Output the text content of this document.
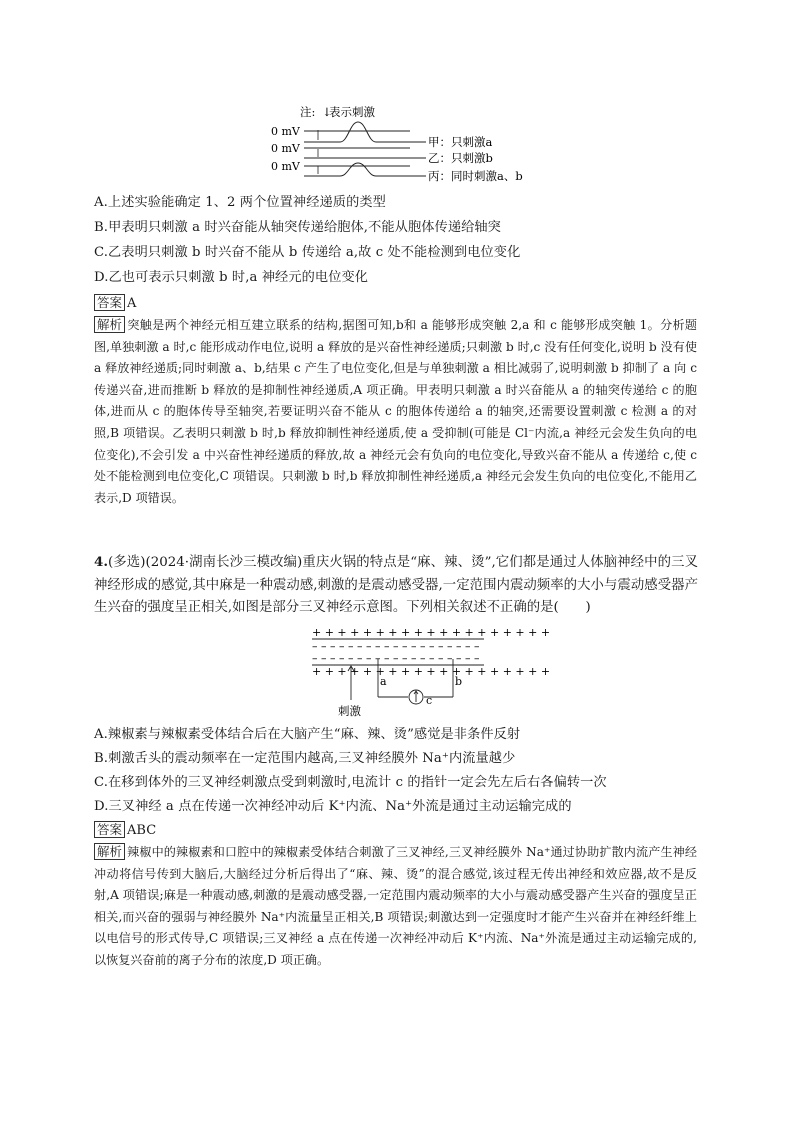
注: ↓
表示刺激
0 mV
0 mV
0 mV
甲：只刺激a
乙：只刺激b
丙：同时刺激a、b
A.上述实验能确定 1、2 两个位置神经递质的类型
B.甲表明只刺激 a 时兴奋能从轴突传递给胞体,不能从胞体传递给轴突
C.乙表明只刺激 b 时兴奋不能从 b 传递给 a,故 c 处不能检测到电位变化
D.乙也可表示只刺激 b 时,a 神经元的电位变化
答案 A
解析 突触是两个神经元相互建立联系的结构,据图可知,b和 a 能够形成突触 2,a 和 c 能够形成突触 1。分析题图,单独刺激 a 时,c 能形成动作电位,说明 a 释放的是兴奋性神经递质;只刺激 b 时,c 没有任何变化,说明 b 没有使 a 释放神经递质;同时刺激 a、b,结果 c 产生了电位变化,但是与单独刺激 a 相比减弱了,说明刺激 b 抑制了 a 向 c 传递兴奋,进而推断 b 释放的是抑制性神经递质,A 项正确。甲表明只刺激 a 时兴奋能从 a 的轴突传递给 c 的胞体,进而从 c 的胞体传导至轴突,若要证明兴奋不能从 c 的胞体传递给 a 的轴突,还需要设置刺激 c 检测 a 的对照,B 项错误。乙表明只刺激 b 时,b 释放抑制性神经递质,使 a 受抑制(可能是 Cl⁻内流,a 神经元会发生负向的电位变化),不会引发 a 中兴奋性神经递质的释放,故 a 神经元会有负向的电位变化,导致兴奋不能从 a 传递给 c,使 c 处不能检测到电位变化,C 项错误。只刺激 b 时,b 释放抑制性神经递质,a 神经元会发生负向的电位变化,不能用乙表示,D 项错误。
4.(多选)(2024·湖南长沙三模改编)重庆火锅的特点是“麻、辣、烫”,它们都是通过人体脑神经中的三叉神经形成的感觉,其中麻是一种震动感,刺激的是震动感受器,一定范围内震动频率的大小与震动感受器产生兴奋的强度呈正相关,如图是部分三叉神经示意图。下列相关叙述不正确的是(　　)
+ + + + + + + + + + + + + + + + + + +
– – – – – – – – – – – – – – – – – – –
– – – – – – – – – – – – – – – – – – –
+ + + + + + + + + + + + + + + + + + +
刺激
a	b
c
A.辣椒素与辣椒素受体结合后在大脑产生“麻、辣、烫”感觉是非条件反射
B.刺激舌头的震动频率在一定范围内越高,三叉神经膜外 Na⁺内流量越少
C.在移到体外的三叉神经刺激点受到刺激时,电流计 c 的指针一定会先左后右各偏转一次
D.三叉神经 a 点在传递一次神经冲动后 K⁺内流、Na⁺外流是通过主动运输完成的
答案 ABC
解析 辣椒中的辣椒素和口腔中的辣椒素受体结合刺激了三叉神经,三叉神经膜外 Na⁺通过协助扩散内流产生神经冲动将信号传到大脑后,大脑经过分析后得出了“麻、辣、烫”的混合感觉,该过程无传出神经和效应器,故不是反射,A 项错误;麻是一种震动感,刺激的是震动感受器,一定范围内震动频率的大小与震动感受器产生兴奋的强度呈正相关,而兴奋的强弱与神经膜外 Na⁺内流量呈正相关,B 项错误;刺激达到一定强度时才能产生兴奋并在神经纤维上以电信号的形式传导,C 项错误;三叉神经 a 点在传递一次神经冲动后 K⁺内流、Na⁺外流是通过主动运输完成的,以恢复兴奋前的离子分布的浓度,D 项正确。
